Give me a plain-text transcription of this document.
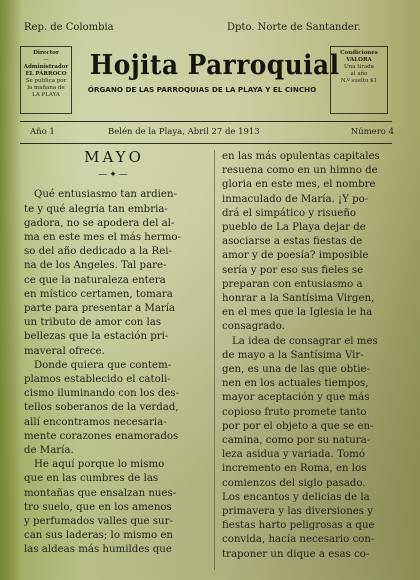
Rep. de Colombia	Dpto. Norte de Santander.
Director
—
Administrador
EL PÁRROCO
Se publica por
la mañana de
LA PLAYA
Hojita Parroquial
ÓRGANO DE LAS PARROQUIAS DE LA PLAYA Y EL CINCHO
Condiciones
VALORA
Una tirada
al año
N.º suelto $1
Año 1	Belén de la Playa, Abril 27 de 1913	Número 4
MAYO
—✦—
Qué entusiasmo tan ardien-
te y qué alegría tan embria-
gadora, no se apodera del al-
ma en este mes el más hermo-
so del año dedicado a la Rei-
na de los Angeles. Tal pare-
ce que la naturaleza entera
en místico certamen, tomara
parte para presentar a María
un tributo de amor con las
bellezas que la estación pri-
maveral ofrece.
Donde quiera que contem-
plamos establecido el catoli-
cismo iluminando con los des-
tellos soberanos de la verdad,
allí encontramos necesaria-
mente corazones enamorados
de María.
He aquí porque lo mismo
que en las cumbres de las
montañas que ensalzan nues-
tro suelo, que en los amenos
y perfumados valles que sur-
can sus laderas; lo mismo en
las aldeas más humildes que
en las más opulentas capitales
resuena como en un himno de
gloria en este mes, el nombre
inmaculado de María. ¡Y po-
drá el simpático y risueño
pueblo de La Playa dejar de
asociarse a estas fiestas de
amor y de poesía? imposible
sería y por eso sus fieles se
preparan con entusiasmo a
honrar a la Santísima Virgen,
en el mes que la Iglesia le ha
consagrado.
La idea de consagrar el mes
de mayo a la Santísima Vir-
gen, es una de las que obtie-
nen en los actuales tiempos,
mayor aceptación y que más
copioso fruto promete tanto
por por el objeto a que se en-
camina, como por su natura-
leza asidua y variada. Tomó
incremento en Roma, en los
comienzos del siglo pasado.
Los encantos y delicias de la
primavera y las diversiones y
fiestas harto peligrosas a que
convida, hacía necesario con-
traponer un dique a esas co-
